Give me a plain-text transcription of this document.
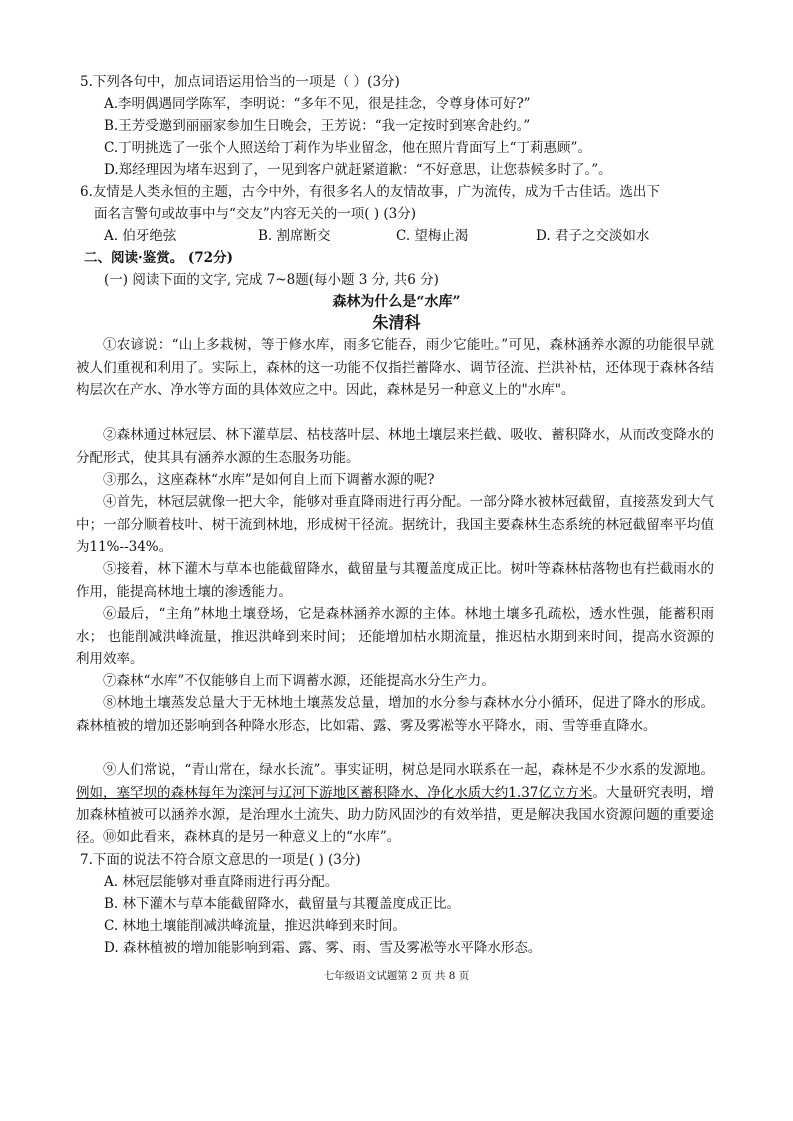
5.下列各句中，加点词语运用恰当的一项是（ ）(3分)
A.李明偶遇同学陈军，李明说：“多年不见，很是挂念，令尊身体可好?”
B.王芳受邀到丽丽家参加生日晚会，王芳说：“我一定按时到寒舍赴约。”
C.丁明挑选了一张个人照送给丁莉作为毕业留念，他在照片背面写上“丁莉惠顾”。
D.郑经理因为堵车迟到了，一见到客户就赶紧道歉：“不好意思，让您恭候多时了。”。
6.友情是人类永恒的主题，古今中外，有很多名人的友情故事，广为流传，成为千古佳话。选出下
面名言警句或故事中与“交友”内容无关的一项( ) (3分)
A. 伯牙绝弦	B. 割席断交	C. 望梅止渴	D. 君子之交淡如水
二、阅读·鉴赏。 (72分)
(一) 阅读下面的文字, 完成 7~8题(每小题 3 分, 共6 分)
森林为什么是“水库”
朱清科
①农谚说：“山上多栽树，等于修水库，雨多它能吞，雨少它能吐。”可见，森林涵养水源的功能很早就被人们重视和利用了。实际上，森林的这一功能不仅指拦蓄降水、调节径流、拦洪补枯，还体现于森林各结构层次在产水、净水等方面的具体效应之中。因此，森林是另一种意义上的"水库"。
②森林通过林冠层、林下灌草层、枯枝落叶层、林地土壤层来拦截、吸收、蓄积降水，从而改变降水的分配形式，使其具有涵养水源的生态服务功能。
③那么，这座森林“水库”是如何自上而下调蓄水源的呢?
④首先，林冠层就像一把大伞，能够对垂直降雨进行再分配。一部分降水被林冠截留，直接蒸发到大气中；一部分顺着枝叶、树干流到林地，形成树干径流。据统计，我国主要森林生态系统的林冠截留率平均值为11%--34%。
⑤接着，林下灌木与草本也能截留降水，截留量与其覆盖度成正比。树叶等森林枯落物也有拦截雨水的作用，能提高林地土壤的渗透能力。
⑥最后，“主角”林地土壤登场，它是森林涵养水源的主体。林地土壤多孔疏松，透水性强，能蓄积雨水； 也能削减洪峰流量，推迟洪峰到来时间； 还能增加枯水期流量，推迟枯水期到来时间，提高水资源的利用效率。
⑦森林“水库”不仅能够自上而下调蓄水源，还能提高水分生产力。
⑧林地土壤蒸发总量大于无林地土壤蒸发总量，增加的水分参与森林水分小循环，促进了降水的形成。森林植被的增加还影响到各种降水形态，比如霜、露、雾及雾凇等水平降水，雨、雪等垂直降水。
⑨人们常说，“青山常在，绿水长流”。事实证明，树总是同水联系在一起，森林是不少水系的发源地。例如，塞罕坝的森林每年为滦河与辽河下游地区蓄积降水、净化水质大约1.37亿立方米。大量研究表明，增加森林植被可以涵养水源，是治理水土流失、助力防风固沙的有效举措，更是解决我国水资源问题的重要途径。 ⑩如此看来，森林真的是另一种意义上的“水库”。
7.下面的说法不符合原文意思的一项是( ) (3分)
A. 林冠层能够对垂直降雨进行再分配。
B. 林下灌木与草本能截留降水，截留量与其覆盖度成正比。
C. 林地土壤能削减洪峰流量，推迟洪峰到来时间。
D. 森林植被的增加能影响到霜、露、雾、雨、雪及雾凇等水平降水形态。
七年级语文试题第 2 页 共 8 页
